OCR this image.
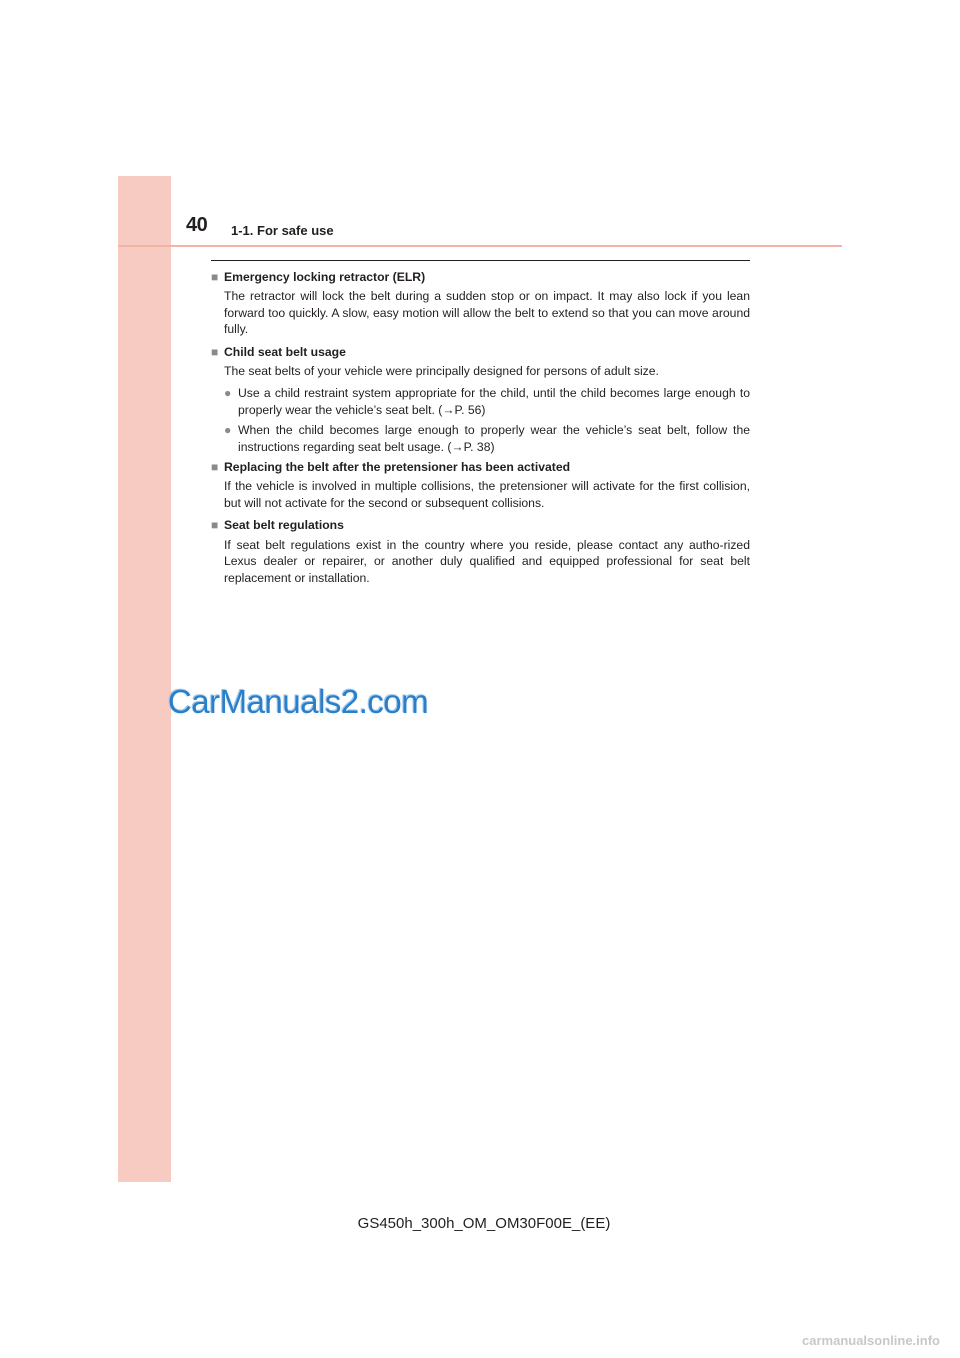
40 1-1. For safe use
■ Emergency locking retractor (ELR)
The retractor will lock the belt during a sudden stop or on impact. It may also lock if you lean forward too quickly. A slow, easy motion will allow the belt to extend so that you can move around fully.
■ Child seat belt usage
The seat belts of your vehicle were principally designed for persons of adult size.
● Use a child restraint system appropriate for the child, until the child becomes large enough to properly wear the vehicle’s seat belt. (→P. 56)
● When the child becomes large enough to properly wear the vehicle’s seat belt, follow the instructions regarding seat belt usage. (→P. 38)
■ Replacing the belt after the pretensioner has been activated
If the vehicle is involved in multiple collisions, the pretensioner will activate for the first collision, but will not activate for the second or subsequent collisions.
■ Seat belt regulations
If seat belt regulations exist in the country where you reside, please contact any autho-rized Lexus dealer or repairer, or another duly qualified and equipped professional for seat belt replacement or installation.
CarManuals2.com
GS450h_300h_OM_OM30F00E_(EE)
carmanualsonline.info
